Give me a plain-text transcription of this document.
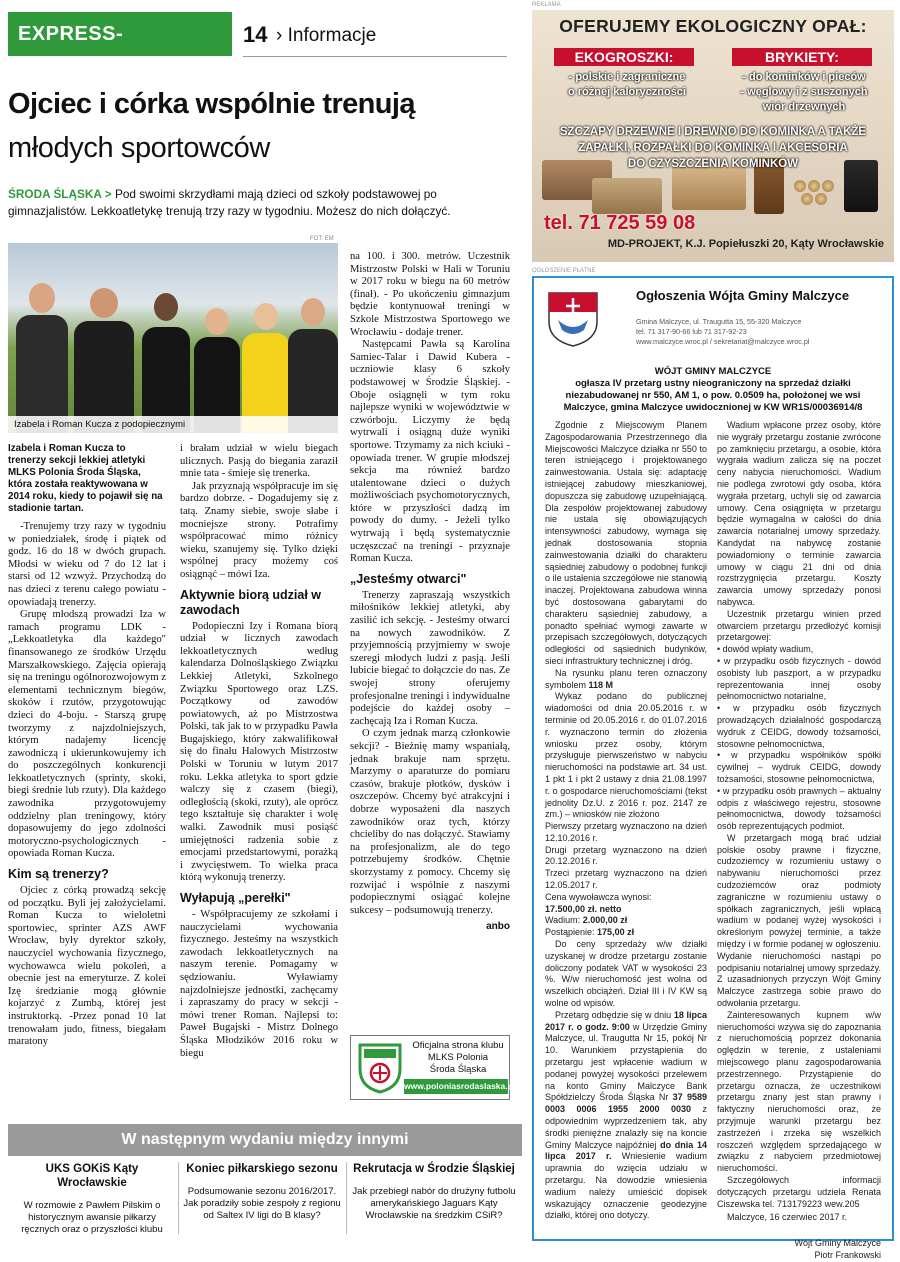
EXPRESS-MIEJSKI.PL
14 › Informacje
Ojciec i córka wspólnie trenują
młodych sportowców
ŚRODA ŚLĄSKA > Pod swoimi skrzydłami mają dzieci od szkoły podstawowej po gimnazjalistów. Lekkoatletykę trenują trzy razy w tygodniu. Możesz do nich dołączyć.
FOT: EM
Izabela i Roman Kucza z podopiecznymi

Izabela i Roman Kucza to trenerzy sekcji lekkiej atletyki MLKS Polonia Środa Śląska, która została reaktywowana w 2014 roku, kiedy to pojawił się na stadionie tartan.

-Trenujemy trzy razy w tygodniu w poniedziałek, środę i piątek od godz. 16 do 18 w dwóch grupach. Młodsi w wieku od 7 do 12 lat i starsi od 12 wzwyż. Przychodzą do nas dzieci z terenu całego powiatu - opowiadają trenerzy.

Grupę młodszą prowadzi Iza w ramach programu LDK -„Lekkoatletyka dla każdego" finansowanego ze środków Urzędu Marszałkowskiego. Zajęcia opierają się na treningu ogólnorozwojowym z elementami technicznym biegów, skoków i rzutów, przygotowując dzieci do 4-boju. - Starszą grupę tworzymy z najzdolniejszych, którym nadajemy licencję zawodniczą i ukierunkowujemy ich do poszczególnych konkurencji lekkoatletycznych (sprinty, skoki, biegi średnie lub rzuty). Dla każdego zawodnika przygotowujemy oddzielny plan treningowy, który dopasowujemy do jego zdolności motoryczno-psychologicznych - opowiada Roman Kucza.

Kim są trenerzy?

Ojciec z córką prowadzą sekcję od początku. Byli jej założycielami. Roman Kucza to wieloletni sportowiec, sprinter AZS AWF Wrocław, były dyrektor szkoły, nauczyciel wychowania fizycznego, wychowawca wielu pokoleń, a obecnie jest na emeryturze. Z kolei Izę średzianie mogą głównie kojarzyć z Zumbą, której jest instruktorką. -Przez ponad 10 lat trenowałam judo, fitness, biegałam maratony

i brałam udział w wielu biegach ulicznych. Pasją do biegania zaraził mnie tata - śmieje się trenerka.

Jak przyznają współpracuje im się bardzo dobrze. - Dogadujemy się z tatą. Znamy siebie, swoje słabe i mocniejsze strony. Potrafimy współpracować mimo różnicy wieku, szanujemy się. Tylko dzięki wspólnej pracy możemy coś osiągnąć – mówi Iza.

Aktywnie biorą udział w zawodach

Podopieczni Izy i Romana biorą udział w licznych zawodach lekkoatletycznych według kalendarza Dolnośląskiego Związku Lekkiej Atletyki, Szkolnego Związku Sportowego oraz LZS. Początkowy od zawodów powiatowych, aż po Mistrzostwa Polski, tak jak to w przypadku Pawła Bugajskiego, który zakwalifikował się do finału Halowych Mistrzostw Polski w Toruniu w lutym 2017 roku. Lekka atletyka to sport gdzie walczy się z czasem (biegi), odległością (skoki, rzuty), ale oprócz tego kształtuje się charakter i wolę walki. Zawodnik musi posiąść umiejętności radzenia sobie z emocjami przedstartowymi, porażką i zwycięstwem. To wielka praca którą wykonują trenerzy.

Wyłapują „perełki"

- Współpracujemy ze szkołami i nauczycielami wychowania fizycznego. Jesteśmy na wszystkich zawodach lekkoatletycznych na naszym terenie. Pomagamy w sędziowaniu. Wyławiamy najzdolniejsze jednostki, zachęcamy i zapraszamy do pracy w sekcji - mówi trener Roman. Najlepsi to: Paweł Bugajski - Mistrz Dolnego Śląska Młodzików 2016 roku w biegu

na 100. i 300. metrów. Uczestnik Mistrzostw Polski w Hali w Toruniu w 2017 roku w biegu na 60 metrów (finał). - Po ukończeniu gimnazjum będzie kontynuował treningi w Szkole Mistrzostwa Sportowego we Wrocławiu - dodaje trener.

Następcami Pawła są Karolina Samiec-Talar i Dawid Kubera - uczniowie klasy 6 szkoły podstawowej w Środzie Śląskiej. - Oboje osiągnęli w tym roku najlepsze wyniki w województwie w czwórboju. Liczymy że będą wytrwali i osiągną duże wyniki sportowe. Trzymamy za nich kciuki - opowiada trener. W grupie młodszej sekcja ma również bardzo utalentowane dzieci o dużych możliwościach psychomotorycznych, które w przyszłości dadzą im powody do dumy. - Jeżeli tylko wytrwają i będą systematycznie uczęszczać na treningi - przyznaje Roman Kucza.

„Jesteśmy otwarci"

Trenerzy zapraszają wszystkich miłośników lekkiej atletyki, aby zasilić ich sekcję. - Jesteśmy otwarci na nowych zawodników. Z przyjemnością przyjmiemy w swoje szeregi młodych ludzi z pasją. Jeśli lubicie biegać to dołączcie do nas. Ze swojej strony oferujemy profesjonalne treningi i indywidualne podejście do każdej osoby – zachęcają Iza i Roman Kucza.

O czym jednak marzą członkowie sekcji? - Bieżnię mamy wspaniałą, jednak brakuje nam sprzętu. Marzymy o aparaturze do pomiaru czasów, brakuje płotków, dysków i oszczepów. Chcemy być atrakcyjni i dobrze wyposażeni dla naszych zawodników oraz tych, którzy chcieliby do nas dołączyć. Stawiamy na profesjonalizm, ale do tego potrzebujemy środków. Chętnie skorzystamy z pomocy. Chcemy się rozwijać i wspólnie z naszymi podopiecznymi osiągać kolejne sukcesy – podsumowują trenerzy.

anbo
Oficjalna strona klubu
MLKS Polonia
Środa Śląska
www.poloniasrodaslaska.pl
W następnym wydaniu między innymi
UKS GOKiS Kąty Wrocławskie
W rozmowie z Pawłem Pilskim o historycznym awansie piłkarzy ręcznych oraz o przyszłości klubu
Koniec piłkarskiego sezonu
Podsumowanie sezonu 2016/2017. Jak poradziły sobie zespoły z regionu od Saltex IV ligi do B klasy?
Rekrutacja w Środzie Śląskiej
Jak przebiegł nabór do drużyny futbolu amerykańskiego Jaguars Kąty Wrocławskie na średzkim CSiR?
REKLAMA
OFERUJEMY EKOLOGICZNY OPAŁ:
EKOGROSZKI:	BRYKIETY:
- polskie i zagraniczne
o różnej kaloryczności
- do kominków i pieców
- węglowy i z suszonych
wiór drzewnych
SZCZAPY DRZEWNE I DREWNO DO KOMINKA A TAKŻE
ZAPAŁKI, ROZPAŁKI DO KOMINKA I AKCESORIA
DO CZYSZCZENIA KOMINKÓW
tel. 71 725 59 08
MD-PROJEKT, K.J. Popiełuszki 20, Kąty Wrocławskie
OGŁOSZENIE PŁATNE
Ogłoszenia Wójta Gminy Malczyce
Gmina Malczyce, ul. Traugutta 15, 55-320 Malczyce
tel. 71 317-90-66 lub 71 317-92-23
www.malczyce.wroc.pl / sekretariat@malczyce.wroc.pl
WÓJT GMINY MALCZYCE
ogłasza IV przetarg ustny nieograniczony na sprzedaż działki niezabudowanej nr 550, AM 1, o pow. 0.0509 ha, położonej we wsi Malczyce, gmina Malczyce uwidocznionej w KW WR1S/00036914/8

Zgodnie z Miejscowym Planem Zagospodarowania Przestrzennego dla Miejscowości Malczyce działka nr 550 to teren istniejącego i projektowanego zainwestowania. Ustala się: adaptację istniejącej zabudowy mieszkaniowej, dopuszcza się zabudowę uzupełniającą. Dla zespołów projektowanej zabudowy nie ustala się obowiązujących intensywności zabudowy, wymaga się jednak dostosowania stopnia zainwestowania działki do charakteru sąsiedniej zabudowy o podobnej funkcji o ile ustalenia szczegółowe nie stanowią inaczej. Projektowana zabudowa winna być dostosowana gabarytami do charakteru sąsiedniej zabudowy, a ponadto spełniać wymogi zawarte w przepisach szczegółowych, dotyczących odległości od sąsiednich budynków, sieci infrastruktury technicznej i dróg.

Na rysunku planu teren oznaczony symbolem 118 M

Wykaz podano do publicznej wiadomości od dnia 20.05.2016 r. w terminie od 20.05.2016 r. do 01.07.2016 r. wyznaczono termin do złożenia wniosku przez osoby, którym przysługuje pierwszeństwo w nabyciu nieruchomości na podstawie art. 34 ust. 1 pkt 1 i pkt 2 ustawy z dnia 21.08.1997 r. o gospodarce nieruchomościami (tekst jednolity Dz.U. z 2016 r. poz. 2147 ze zm.) – wniosków nie złożono

Pierwszy przetarg wyznaczono na dzień 12.10.2016 r.

Drugi przetarg wyznaczono na dzień 20.12.2016 r.

Trzeci przetarg wyznaczono na dzień 12.05.2017 r.

Cena wywoławcza wynosi:

17.500,00 zł. netto

Wadium: 2.000,00 zł

Postąpienie: 175,00 zł

Do ceny sprzedaży w/w działki uzyskanej w drodze przetargu zostanie doliczony podatek VAT w wysokości 23 %. W/w nieruchomość jest wolna od wszelkich obciążeń. Dział III i IV KW są wolne od wpisów.

Przetarg odbędzie się w dniu 18 lipca 2017 r. o godz. 9:00 w Urzędzie Gminy Malczyce, ul. Traugutta Nr 15, pokój Nr 10. Warunkiem przystąpienia do przetargu jest wpłacenie wadium w podanej powyżej wysokości przelewem na konto Gminy Malczyce Bank Spółdzielczy Środa Śląska Nr 37 9589 0003 0006 1955 2000 0030 z odpowiednim wyprzedzeniem tak, aby środki pieniężne znalazły się na koncie Gminy Malczyce najpóźniej do dnia 14 lipca 2017 r. Wniesienie wadium uprawnia do wzięcia udziału w przetargu. Na dowodzie wniesienia wadium należy umieścić dopisek wskazujący oznaczenie geodezyjne działki, której ono dotyczy.

Wadium wpłacone przez osoby, które nie wygrały przetargu zostanie zwrócone po zamknięciu przetargu, a osobie, która wygrała wadium zalicza się na poczet ceny nabycia nieruchomości. Wadium nie podlega zwrotowi gdy osoba, która wygrała przetarg, uchyli się od zawarcia umowy. Cena osiągnięta w przetargu będzie wymagalna w całości do dnia zawarcia notarialnej umowy sprzedaży. Kandydat na nabywcę zostanie powiadomiony o terminie zawarcia umowy w ciągu 21 dni od dnia rozstrzygnięcia przetargu. Koszty zawarcia umowy sprzedaży ponosi nabywca.

Uczestnik przetargu winien przed otwarciem przetargu przedłożyć komisji przetargowej:

• dowód wpłaty wadium,

• w przypadku osób fizycznych - dowód osobisty lub paszport, a w przypadku reprezentowania innej osoby pełnomocnictwo notarialne,

• w przypadku osób fizycznych prowadzących działalność gospodarczą wydruk z CEIDG, dowody tożsamości, stosowne pełnomocnictwa,

• w przypadku współników spółki cywilnej – wydruk CEIDG, dowody tożsamości, stosowne pełnomocnictwa,

• w przypadku osób prawnych – aktualny odpis z właściwego rejestru, stosowne pełnomocnictwa, dowody tożsamości osób reprezentujących podmiot.

W przetargach mogą brać udział polskie osoby prawne i fizyczne, cudzoziemcy w rozumieniu ustawy o nabywaniu nieruchomości przez cudzoziemców oraz podmioty zagraniczne w rozumieniu ustawy o spółkach zagranicznych, jeśli wpłacą wadium w podanej wyżej wysokości i określonym powyżej terminie, a także między i w formie podanej w ogłoszeniu. Wydanie nieruchomości nastąpi po podpisaniu notarialnej umowy sprzedaży. Z uzasadnionych przyczyn Wójt Gminy Malczyce zastrzega sobie prawo do odwołania przetargu.

Zainteresowanych kupnem w/w nieruchomości wzywa się do zapoznania z nieruchomością poprzez dokonania oględzin w terenie, z ustaleniami miejscowego planu zagospodarowania przestrzennego. Przystąpienie do przetargu oznacza, że uczestnikowi przetargu znany jest stan prawny i faktyczny nieruchomości oraz, że przyjmuje warunki przetargu bez zastrzeżeń i zrzeka się wszelkich roszczeń względem sprzedającego w związku z nabyciem przedmiotowej nieruchomości.

Szczegółowych informacji dotyczących przetargu udziela Renata Ciszewska tel. 713179223 wew.205

Malczyce, 16 czerwiec 2017 r.

Wójt Gminy Malczyce

Piotr Frankowski
